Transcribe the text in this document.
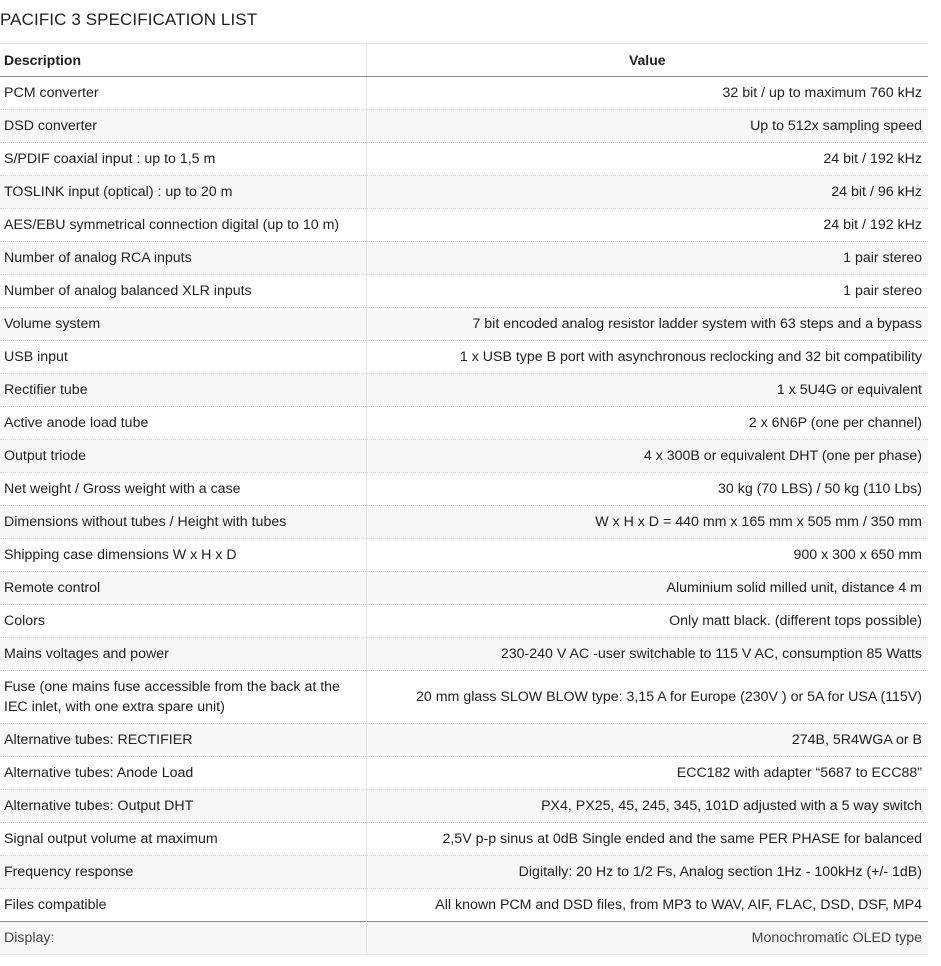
PACIFIC 3 SPECIFICATION LIST
Description	Value
PCM converter	32 bit / up to maximum 760 kHz
DSD converter	Up to 512x sampling speed
S/PDIF coaxial input : up to 1,5 m	24 bit / 192 kHz
TOSLINK input (optical) : up to 20 m	24 bit / 96 kHz
AES/EBU symmetrical connection digital (up to 10 m)	24 bit / 192 kHz
Number of analog RCA inputs	1 pair stereo
Number of analog balanced XLR inputs	1 pair stereo
Volume system	7 bit encoded analog resistor ladder system with 63 steps and a bypass
USB input	1 x USB type B port with asynchronous reclocking and 32 bit compatibility
Rectifier tube	1 x 5U4G or equivalent
Active anode load tube	2 x 6N6P (one per channel)
Output triode	4 x 300B or equivalent DHT (one per phase)
Net weight / Gross weight with a case	30 kg (70 LBS) / 50 kg (110 Lbs)
Dimensions without tubes / Height with tubes	W x H x D = 440 mm x 165 mm x 505 mm / 350 mm
Shipping case dimensions W x H x D	900 x 300 x 650 mm
Remote control	Aluminium solid milled unit, distance 4 m
Colors	Only matt black. (different tops possible)
Mains voltages and power	230-240 V AC -user switchable to 115 V AC, consumption 85 Watts
Fuse (one mains fuse accessible from the back at the IEC inlet, with one extra spare unit)	20 mm glass SLOW BLOW type: 3,15 A for Europe (230V ) or 5A for USA (115V)
Alternative tubes: RECTIFIER	274B, 5R4WGA or B
Alternative tubes: Anode Load	ECC182 with adapter “5687 to ECC88”
Alternative tubes: Output DHT	PX4, PX25, 45, 245, 345, 101D adjusted with a 5 way switch
Signal output volume at maximum	2,5V p-p sinus at 0dB Single ended and the same PER PHASE for balanced
Frequency response	Digitally: 20 Hz to 1/2 Fs, Analog section 1Hz - 100kHz (+/- 1dB)
Files compatible	All known PCM and DSD files, from MP3 to WAV, AIF, FLAC, DSD, DSF, MP4
Display:	Monochromatic OLED type
